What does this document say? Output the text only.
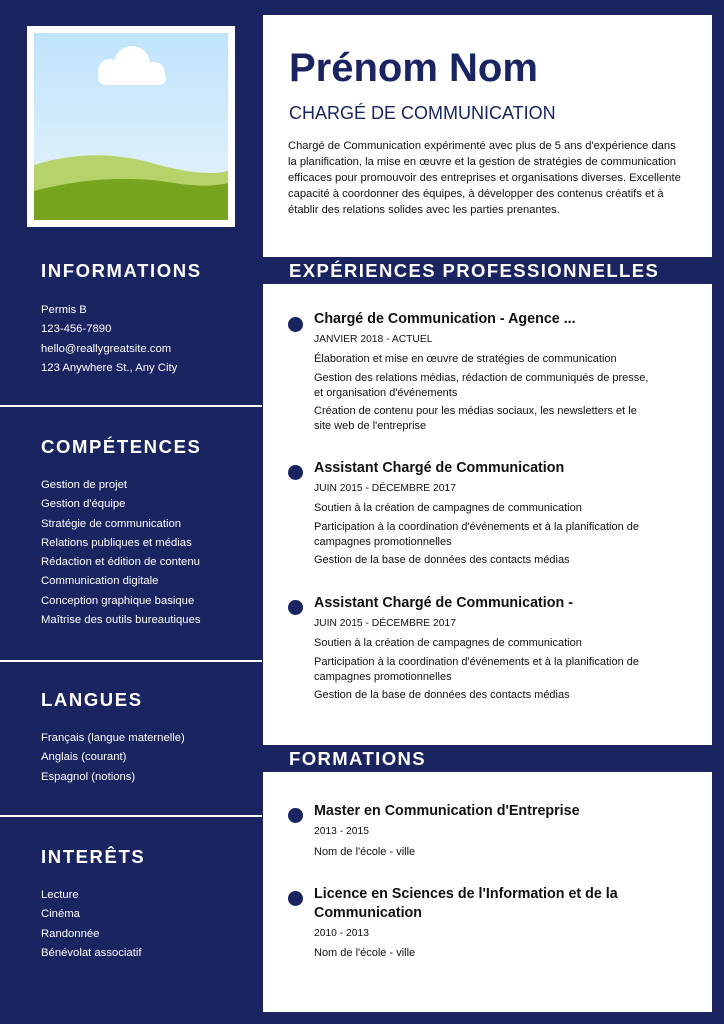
Prénom Nom
CHARGÉ DE COMMUNICATION
Chargé de Communication expérimenté avec plus de 5 ans d'expérience dans la planification, la mise en œuvre et la gestion de stratégies de communication efficaces pour promouvoir des entreprises et organisations diverses. Excellente capacité à coordonner des équipes, à développer des contenus créatifs et à établir des relations solides avec les parties prenantes.
INFORMATIONS
Permis B
123-456-7890
hello@reallygreatsite.com
123 Anywhere St., Any City
COMPÉTENCES
Gestion de projet
Gestion d'équipe
Stratégie de communication
Relations publiques et médias
Rédaction et édition de contenu
Communication digitale
Conception graphique basique
Maîtrise des outils bureautiques
LANGUES
Français (langue maternelle)
Anglais (courant)
Espagnol (notions)
INTERÊTS
Lecture
Cinéma
Randonnée
Bénévolat associatif
EXPÉRIENCES PROFESSIONNELLES
Chargé de Communication - Agence ...
JANVIER 2018 - ACTUEL
Élaboration et mise en œuvre de stratégies de communication
Gestion des relations médias, rédaction de communiqués de presse, et organisation d'événements
Création de contenu pour les médias sociaux, les newsletters et le site web de l'entreprise
Assistant Chargé de Communication
JUIN 2015 - DÉCEMBRE 2017
Soutien à la création de campagnes de communication
Participation à la coordination d'événements et à la planification de campagnes promotionnelles
Gestion de la base de données des contacts médias
Assistant Chargé de Communication -
JUIN 2015 - DÉCEMBRE 2017
Soutien à la création de campagnes de communication
Participation à la coordination d'événements et à la planification de campagnes promotionnelles
Gestion de la base de données des contacts médias
FORMATIONS
Master en Communication d'Entreprise
2013 - 2015
Nom de l'école - ville
Licence en Sciences de l'Information et de la Communication
2010 - 2013
Nom de l'école - ville
